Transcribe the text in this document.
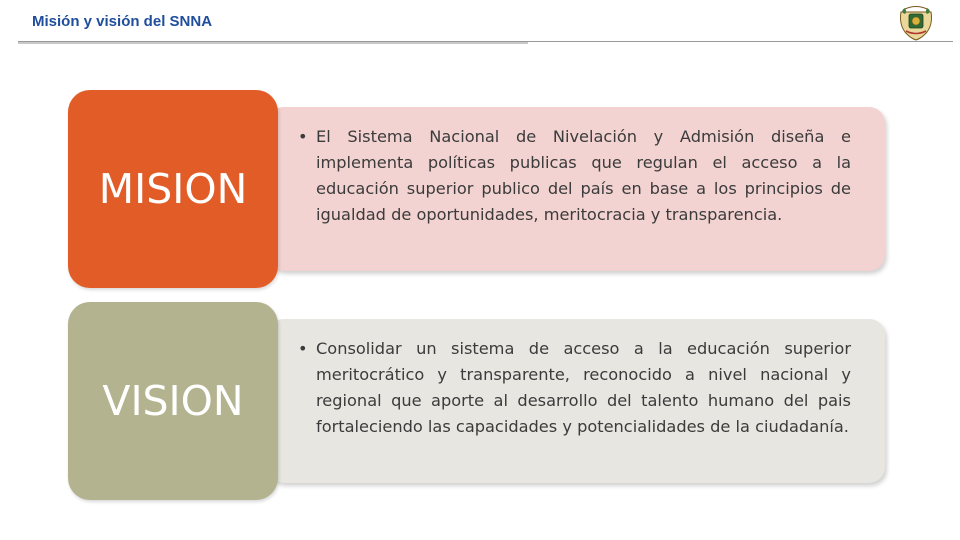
Misión y visión del SNNA
• El Sistema Nacional de Nivelación y Admisión diseña e implementa políticas publicas que regulan el acceso a la educación superior publico del país en base a los principios de igualdad de oportunidades, meritocracia y transparencia.
MISION
• Consolidar un sistema de acceso a la educación superior meritocrático y transparente, reconocido a nivel nacional y regional que aporte al desarrollo del talento humano del pais fortaleciendo las capacidades y potencialidades de la ciudadanía.
VISION
